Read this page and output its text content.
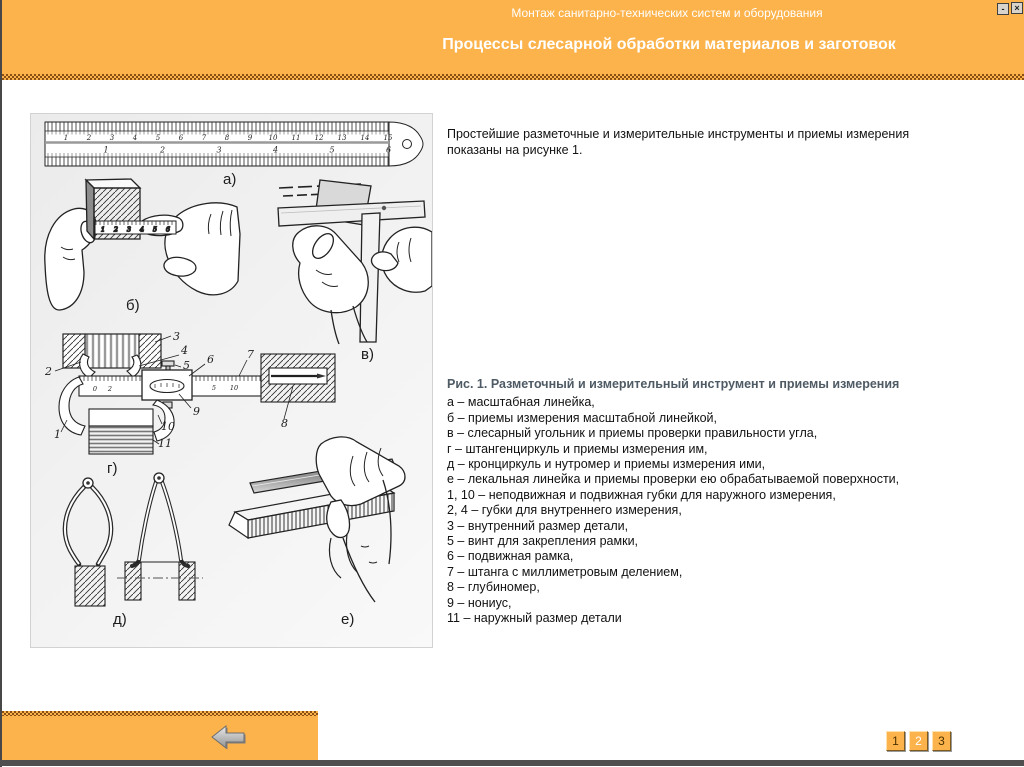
Монтаж санитарно-технических систем и оборудования
Процессы слесарной обработки материалов и заготовок
-	×
1	2	3	4	5	6	7	8	9 10 11 12 13 14 15
1	2	3	4	5	6
а)
1 2 3 4 5 6
б)
в)
2
3
4
5 6	7
8
9
10
11
1
0 2	5 10
г)
д)	е)
Простейшие разметочные и измерительные инструменты и приемы измерения
показаны на рисунке 1.
Рис. 1. Разметочный и измерительный инструмент и приемы измерения
а – масштабная линейка,
б – приемы измерения масштабной линейкой,
в – слесарный угольник и приемы проверки правильности угла,
г – штангенциркуль и приемы измерения им,
д – кронциркуль и нутромер и приемы измерения ими,
е – лекальная линейка и приемы проверки ею обрабатываемой поверхности,
1, 10 – неподвижная и подвижная губки для наружного измерения,
2, 4 – губки для внутреннего измерения,
3 – внутренний размер детали,
5 – винт для закрепления рамки,
6 – подвижная рамка,
7 – штанга с миллиметровым делением,
8 – глубиномер,
9 – нониус,
11 – наружный размер детали
1	2	3
